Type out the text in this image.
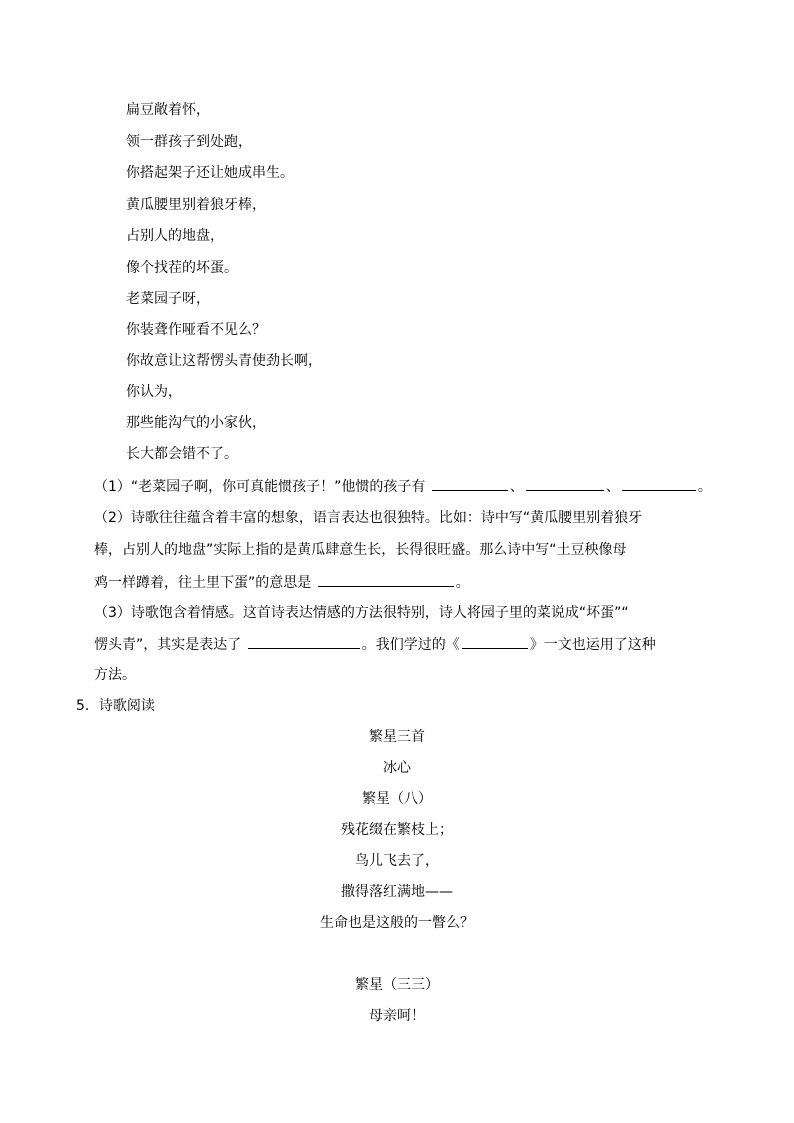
扁豆敞着怀，
领一群孩子到处跑，
你搭起架子还让她成串生。
黄瓜腰里别着狼牙棒，
占别人的地盘，
像个找茬的坏蛋。
老菜园子呀，
你装聋作哑看不见么？
你故意让这帮愣头青使劲长啊，
你认为，
那些能沟气的小家伙，
长大都会错不了。
（1）“老菜园子啊，你可真能惯孩子！”他惯的孩子有	、	、	。
（2）诗歌往往蕴含着丰富的想象，语言表达也很独特。比如：诗中写“黄瓜腰里别着狼牙
棒，占别人的地盘”实际上指的是黄瓜肆意生长，长得很旺盛。那么诗中写“土豆秧像母
鸡一样蹲着，往土里下蛋”的意思是	。
（3）诗歌饱含着情感。这首诗表达情感的方法很特别，诗人将园子里的菜说成“坏蛋”“
愣头青”，其实是表达了	。我们学过的《	》一文也运用了这种
方法。
5．诗歌阅读
繁星三首
冰心
繁星（八）
残花缀在繁枝上；
鸟儿飞去了，
撒得落红满地——
生命也是这般的一瞥么？
繁星（三三）
母亲呵！
